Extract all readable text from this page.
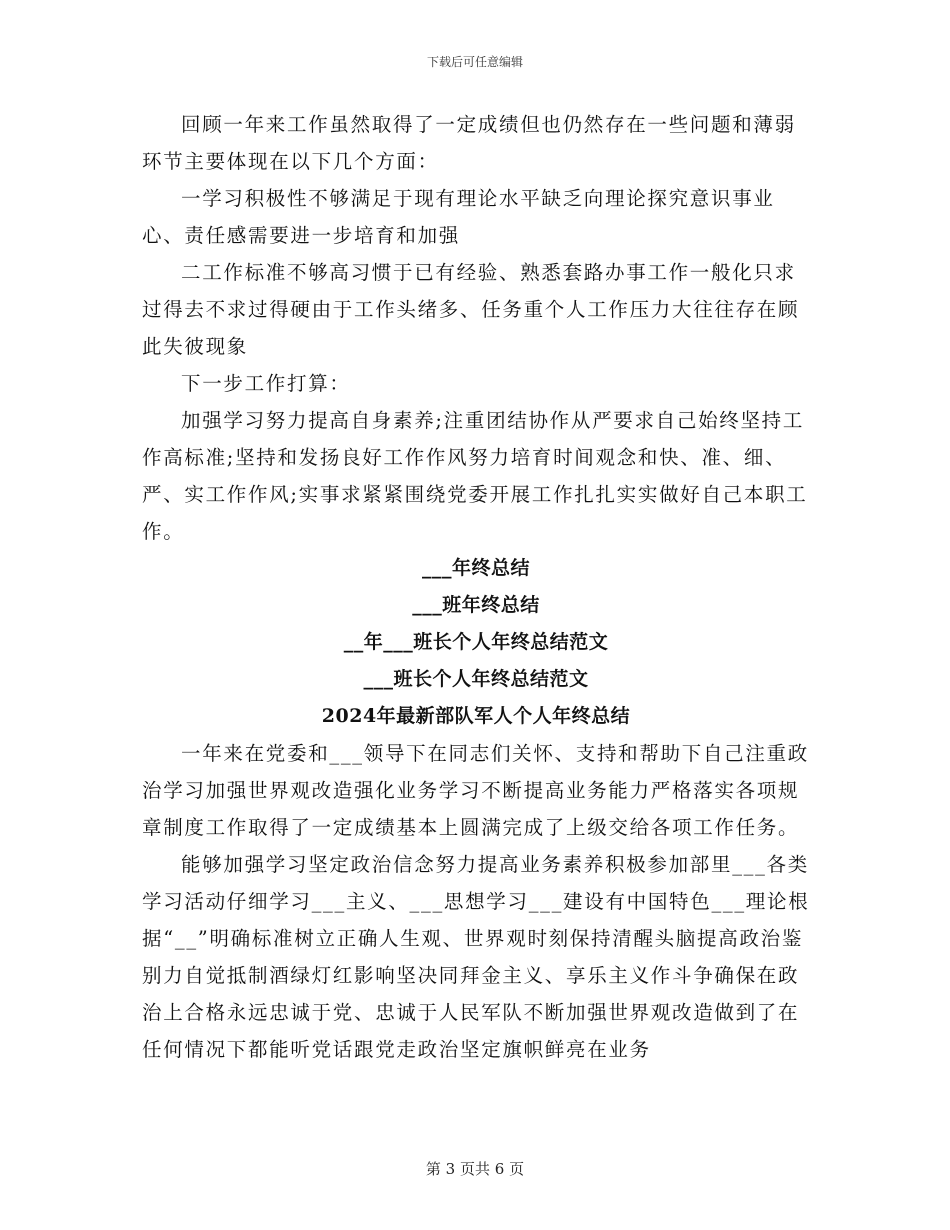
下载后可任意编辑

回顾一年来工作虽然取得了一定成绩但也仍然存在一些问题和薄弱环节主要体现在以下几个方面：

一学习积极性不够满足于现有理论水平缺乏向理论探究意识事业心、责任感需要进一步培育和加强

二工作标准不够高习惯于已有经验、熟悉套路办事工作一般化只求过得去不求过得硬由于工作头绪多、任务重个人工作压力大往往存在顾此失彼现象

下一步工作打算：

加强学习努力提高自身素养;注重团结协作从严要求自己始终坚持工作高标准;坚持和发扬良好工作作风努力培育时间观念和快、准、细、严、实工作作风;实事求紧紧围绕党委开展工作扎扎实实做好自己本职工作。

___年终总结

___班年终总结

__年___班长个人年终总结范文

___班长个人年终总结范文

2024年最新部队军人个人年终总结

一年来在党委和___领导下在同志们关怀、支持和帮助下自己注重政治学习加强世界观改造强化业务学习不断提高业务能力严格落实各项规章制度工作取得了一定成绩基本上圆满完成了上级交给各项工作任务。

能够加强学习坚定政治信念努力提高业务素养积极参加部里___各类学习活动仔细学习___主义、___思想学习___建设有中国特色___理论根据“__”明确标准树立正确人生观、世界观时刻保持清醒头脑提高政治鉴别力自觉抵制酒绿灯红影响坚决同拜金主义、享乐主义作斗争确保在政治上合格永远忠诚于党、忠诚于人民军队不断加强世界观改造做到了在任何情况下都能听党话跟党走政治坚定旗帜鲜亮在业务

第 3 页共 6 页
